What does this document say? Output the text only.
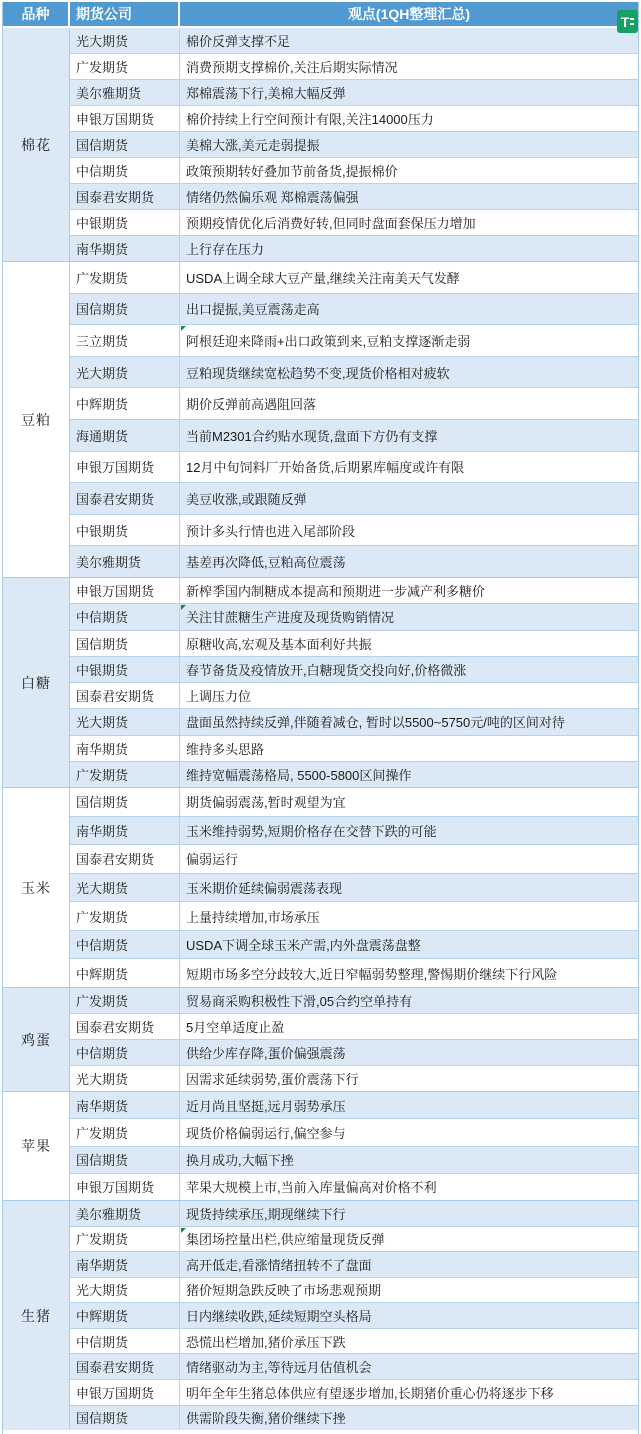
品种	期货公司	观点(1QH整理汇总)
棉花
光大期货	棉价反弹支撑不足
广发期货	消费预期支撑棉价,关注后期实际情况
美尔雅期货	郑棉震荡下行,美棉大幅反弹
申银万国期货	棉价持续上行空间预计有限,关注14000压力
国信期货	美棉大涨,美元走弱提振
中信期货	政策预期转好叠加节前备货,提振棉价
国泰君安期货	情绪仍然偏乐观 郑棉震荡偏强
中银期货	预期疫情优化后消费好转,但同时盘面套保压力增加
南华期货	上行存在压力
豆粕
广发期货	USDA上调全球大豆产量,继续关注南美天气发酵
国信期货	出口提振,美豆震荡走高
三立期货	阿根廷迎来降雨+出口政策到来,豆粕支撑逐渐走弱
光大期货	豆粕现货继续宽松趋势不变,现货价格相对疲软
中辉期货	期价反弹前高遇阻回落
海通期货	当前M2301合约贴水现货,盘面下方仍有支撑
申银万国期货	12月中旬饲料厂开始备货,后期累库幅度或许有限
国泰君安期货	美豆收涨,或跟随反弹
中银期货	预计多头行情也进入尾部阶段
美尔雅期货	基差再次降低,豆粕高位震荡
白糖
申银万国期货	新榨季国内制糖成本提高和预期进一步减产利多糖价
中信期货	关注甘蔗糖生产进度及现货购销情况
国信期货	原糖收高,宏观及基本面利好共振
中银期货	春节备货及疫情放开,白糖现货交投向好,价格微涨
国泰君安期货	上调压力位
光大期货	盘面虽然持续反弹,伴随着减仓, 暂时以5500~5750元/吨的区间对待
南华期货	维持多头思路
广发期货	维持宽幅震荡格局, 5500-5800区间操作
玉米
国信期货	期货偏弱震荡,暂时观望为宜
南华期货	玉米维持弱势,短期价格存在交替下跌的可能
国泰君安期货	偏弱运行
光大期货	玉米期价延续偏弱震荡表现
广发期货	上量持续增加,市场承压
中信期货	USDA下调全球玉米产需,内外盘震荡盘整
中辉期货	短期市场多空分歧较大,近日窄幅弱势整理,警惕期价继续下行风险
鸡蛋
广发期货	贸易商采购积极性下滑,05合约空单持有
国泰君安期货	5月空单适度止盈
中信期货	供给少库存降,蛋价偏强震荡
光大期货	因需求延续弱势,蛋价震荡下行
苹果
南华期货	近月尚且坚挺,远月弱势承压
广发期货	现货价格偏弱运行,偏空参与
国信期货	换月成功,大幅下挫
申银万国期货	苹果大规模上市,当前入库量偏高对价格不利
生猪
美尔雅期货	现货持续承压,期现继续下行
广发期货	集团场控量出栏,供应缩量现货反弹
南华期货	高开低走,看涨情绪扭转不了盘面
光大期货	猪价短期急跌反映了市场悲观预期
中辉期货	日内继续收跌,延续短期空头格局
中信期货	恐慌出栏增加,猪价承压下跌
国泰君安期货	情绪驱动为主,等待远月估值机会
申银万国期货	明年全年生猪总体供应有望逐步增加,长期猪价重心仍将逐步下移
国信期货	供需阶段失衡,猪价继续下挫
T
